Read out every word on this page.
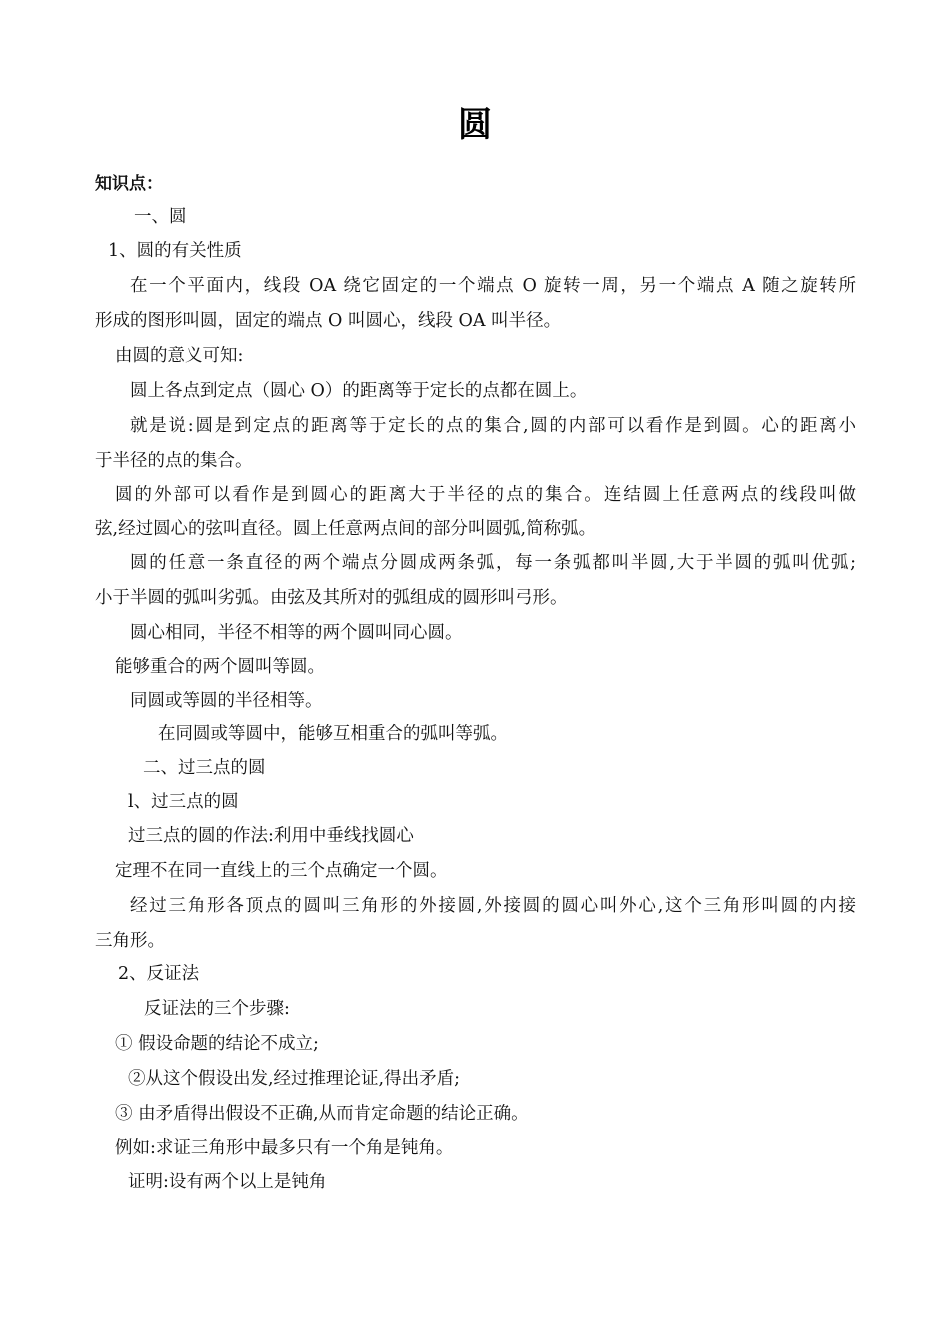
圆
知识点：
一、圆
1、圆的有关性质
在一个平面内，线段 OA 绕它固定的一个端点 O 旋转一周，另一个端点 A 随之旋转所
形成的图形叫圆，固定的端点 O 叫圆心，线段 OA 叫半径。
由圆的意义可知:
圆上各点到定点（圆心 O）的距离等于定长的点都在圆上。
就是说:圆是到定点的距离等于定长的点的集合,圆的内部可以看作是到圆。心的距离小
于半径的点的集合。
圆的外部可以看作是到圆心的距离大于半径的点的集合。连结圆上任意两点的线段叫做
弦,经过圆心的弦叫直径。圆上任意两点间的部分叫圆弧,简称弧。
圆的任意一条直径的两个端点分圆成两条弧，每一条弧都叫半圆,大于半圆的弧叫优弧;
小于半圆的弧叫劣弧。由弦及其所对的弧组成的圆形叫弓形。
圆心相同，半径不相等的两个圆叫同心圆。
能够重合的两个圆叫等圆。
同圆或等圆的半径相等。
在同圆或等圆中，能够互相重合的弧叫等弧。
二、过三点的圆
l、过三点的圆
过三点的圆的作法:利用中垂线找圆心
定理不在同一直线上的三个点确定一个圆。
经过三角形各顶点的圆叫三角形的外接圆,外接圆的圆心叫外心,这个三角形叫圆的内接
三角形。
2、反证法
反证法的三个步骤:
① 假设命题的结论不成立;
②从这个假设出发,经过推理论证,得出矛盾;
③ 由矛盾得出假设不正确,从而肯定命题的结论正确。
例如:求证三角形中最多只有一个角是钝角。
证明:设有两个以上是钝角
